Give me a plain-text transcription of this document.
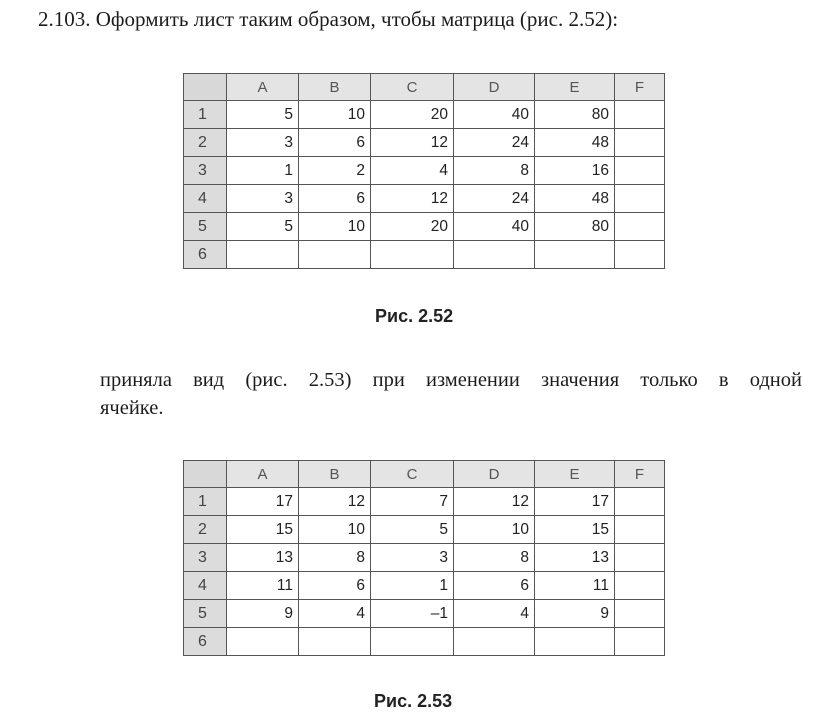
2.103. Оформить лист таким образом, чтобы матрица (рис. 2.52):
	A	B	C	D	E	F
1	5	10	20	40	80	
2	3	6	12	24	48	
3	1	2	4	8	16	
4	3	6	12	24	48	
5	5	10	20	40	80	
6						
Рис. 2.52
приняла вид (рис. 2.53) при изменении значения только в одной
ячейке.
	A	B	C	D	E	F
1	17	12	7	12	17	
2	15	10	5	10	15	
3	13	8	3	8	13	
4	11	6	1	6	11	
5	9	4	–1	4	9	
6						
Рис. 2.53
